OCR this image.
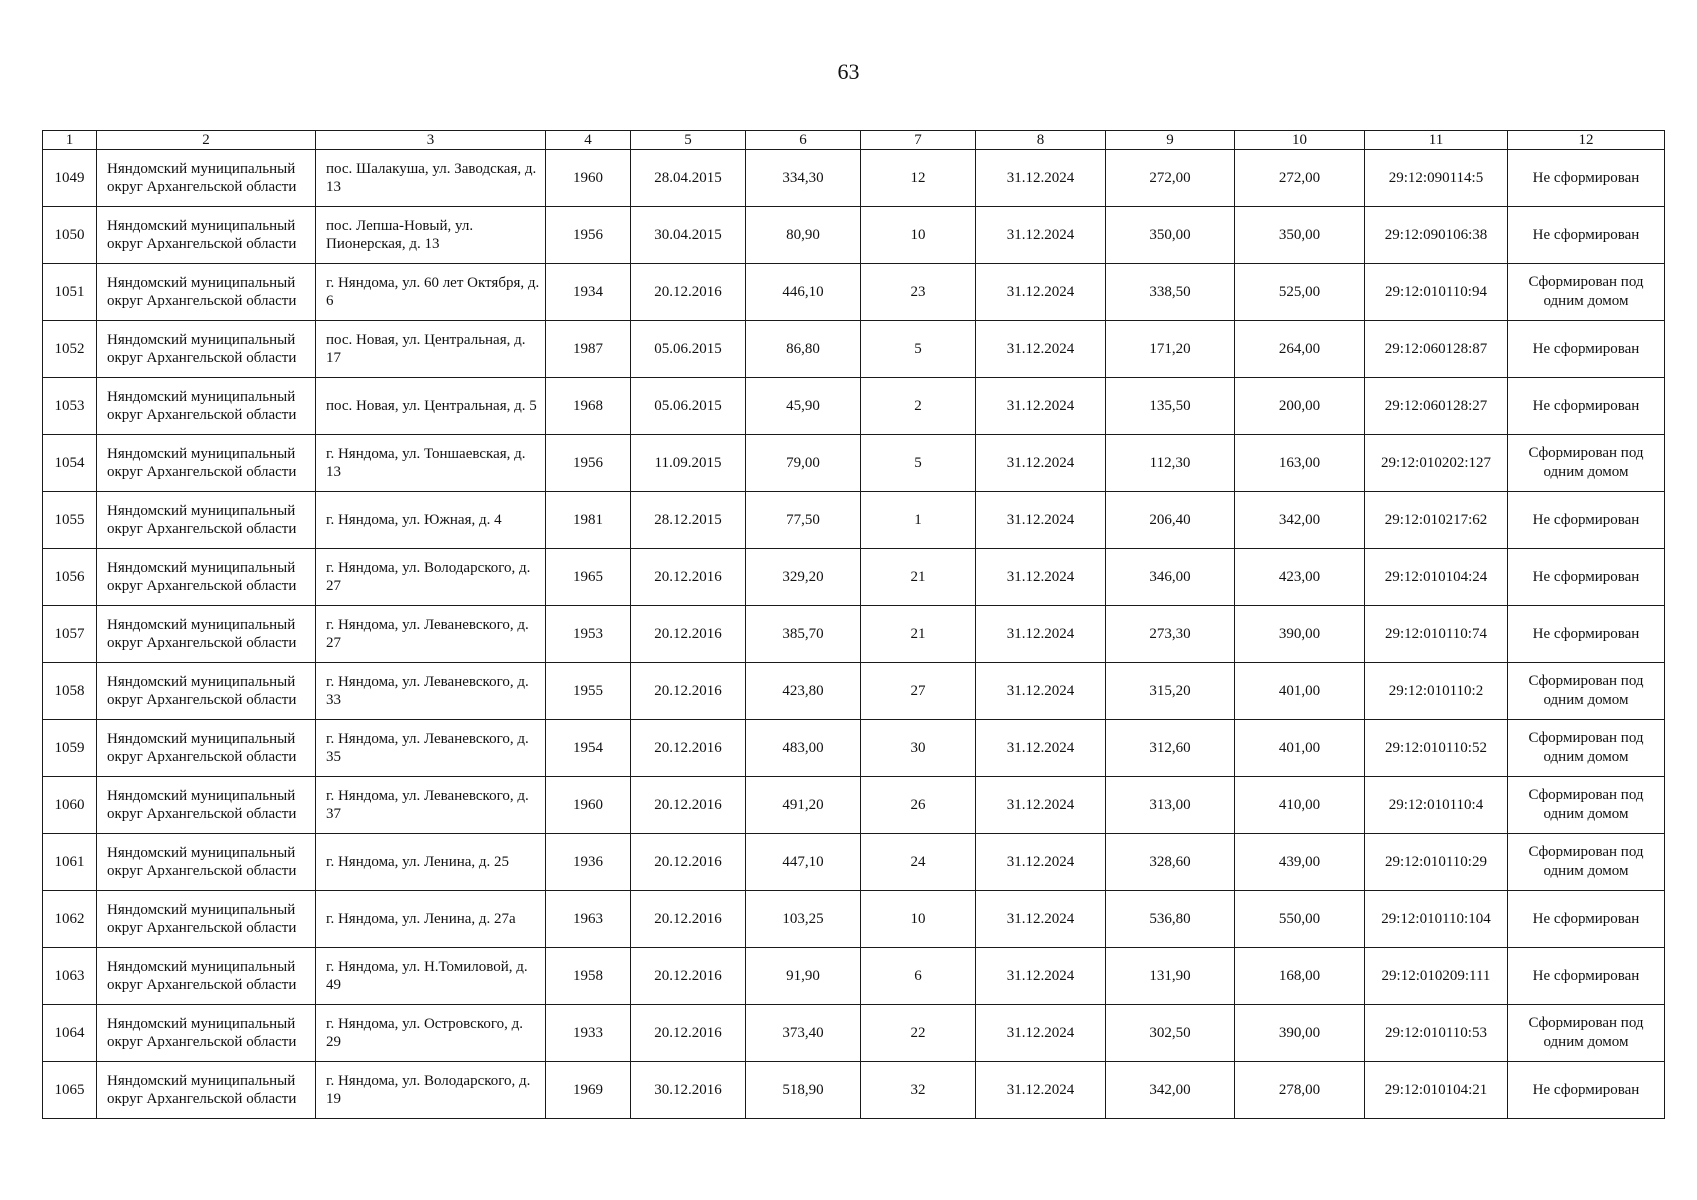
63
1	2	3	4	5	6	7	8	9	10	11	12
1049	Няндомский муниципальный округ Архангельской области	пос. Шалакуша, ул. Заводская, д. 13	1960	28.04.2015	334,30	12	31.12.2024	272,00	272,00	29:12:090114:5	Не сформирован
1050	Няндомский муниципальный округ Архангельской области	пос. Лепша-Новый, ул. Пионерская, д. 13	1956	30.04.2015	80,90	10	31.12.2024	350,00	350,00	29:12:090106:38	Не сформирован
1051	Няндомский муниципальный округ Архангельской области	г. Няндома, ул. 60 лет Октября, д. 6	1934	20.12.2016	446,10	23	31.12.2024	338,50	525,00	29:12:010110:94	Сформирован под одним домом
1052	Няндомский муниципальный округ Архангельской области	пос. Новая, ул. Центральная, д. 17	1987	05.06.2015	86,80	5	31.12.2024	171,20	264,00	29:12:060128:87	Не сформирован
1053	Няндомский муниципальный округ Архангельской области	пос. Новая, ул. Центральная, д. 5	1968	05.06.2015	45,90	2	31.12.2024	135,50	200,00	29:12:060128:27	Не сформирован
1054	Няндомский муниципальный округ Архангельской области	г. Няндома, ул. Тоншаевская, д. 13	1956	11.09.2015	79,00	5	31.12.2024	112,30	163,00	29:12:010202:127	Сформирован под одним домом
1055	Няндомский муниципальный округ Архангельской области	г. Няндома, ул. Южная, д. 4	1981	28.12.2015	77,50	1	31.12.2024	206,40	342,00	29:12:010217:62	Не сформирован
1056	Няндомский муниципальный округ Архангельской области	г. Няндома, ул. Володарского, д. 27	1965	20.12.2016	329,20	21	31.12.2024	346,00	423,00	29:12:010104:24	Не сформирован
1057	Няндомский муниципальный округ Архангельской области	г. Няндома, ул. Леваневского, д. 27	1953	20.12.2016	385,70	21	31.12.2024	273,30	390,00	29:12:010110:74	Не сформирован
1058	Няндомский муниципальный округ Архангельской области	г. Няндома, ул. Леваневского, д. 33	1955	20.12.2016	423,80	27	31.12.2024	315,20	401,00	29:12:010110:2	Сформирован под одним домом
1059	Няндомский муниципальный округ Архангельской области	г. Няндома, ул. Леваневского, д. 35	1954	20.12.2016	483,00	30	31.12.2024	312,60	401,00	29:12:010110:52	Сформирован под одним домом
1060	Няндомский муниципальный округ Архангельской области	г. Няндома, ул. Леваневского, д. 37	1960	20.12.2016	491,20	26	31.12.2024	313,00	410,00	29:12:010110:4	Сформирован под одним домом
1061	Няндомский муниципальный округ Архангельской области	г. Няндома, ул. Ленина, д. 25	1936	20.12.2016	447,10	24	31.12.2024	328,60	439,00	29:12:010110:29	Сформирован под одним домом
1062	Няндомский муниципальный округ Архангельской области	г. Няндома, ул. Ленина, д. 27а	1963	20.12.2016	103,25	10	31.12.2024	536,80	550,00	29:12:010110:104	Не сформирован
1063	Няндомский муниципальный округ Архангельской области	г. Няндома, ул. Н.Томиловой, д. 49	1958	20.12.2016	91,90	6	31.12.2024	131,90	168,00	29:12:010209:111	Не сформирован
1064	Няндомский муниципальный округ Архангельской области	г. Няндома, ул. Островского, д. 29	1933	20.12.2016	373,40	22	31.12.2024	302,50	390,00	29:12:010110:53	Сформирован под одним домом
1065	Няндомский муниципальный округ Архангельской области	г. Няндома, ул. Володарского, д. 19	1969	30.12.2016	518,90	32	31.12.2024	342,00	278,00	29:12:010104:21	Не сформирован
